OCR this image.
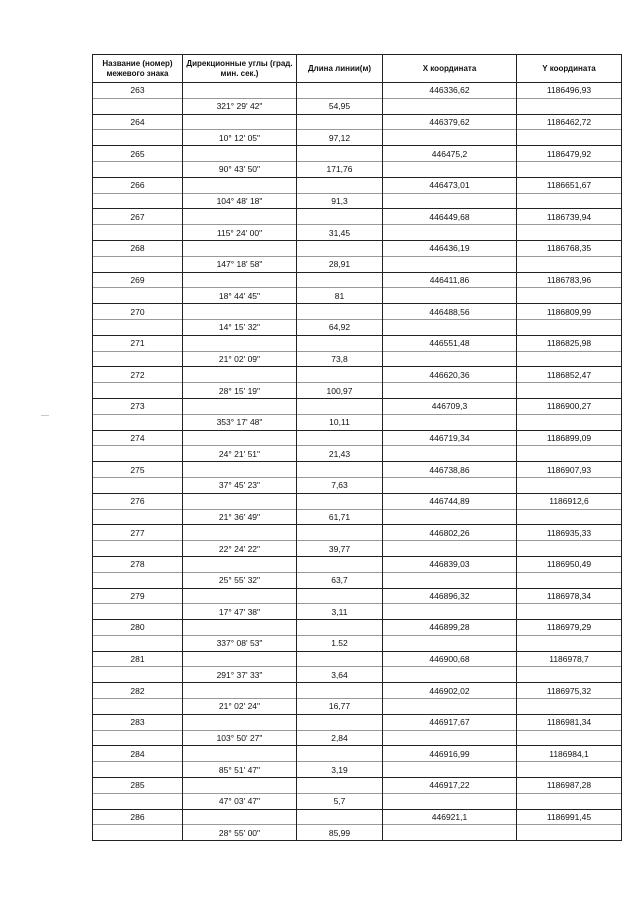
Название (номер) межевого знака	Дирекционные углы (град. мин. сек.)	Длина линии(м)	X координата	Y координата
263			446336,62	1186496,93
	321° 29' 42"	54,95		
264			446379,62	1186462,72
	10° 12' 05"	97,12		
265			446475,2	1186479,92
	90° 43' 50"	171,76		
266			446473,01	1186651,67
	104° 48' 18"	91,3		
267			446449,68	1186739,94
	115° 24' 00"	31,45		
268			446436,19	1186768,35
	147° 18' 58"	28,91		
269			446411,86	1186783,96
	18° 44' 45"	81		
270			446488,56	1186809,99
	14° 15' 32"	64,92		
271			446551,48	1186825,98
	21° 02' 09"	73,8		
272			446620,36	1186852,47
	28° 15' 19"	100,97		
273			446709,3	1186900,27
	353° 17' 48"	10,11		
274			446719,34	1186899,09
	24° 21' 51"	21,43		
275			446738,86	1186907,93
	37° 45' 23"	7,63		
276			446744,89	1186912,6
	21° 36' 49"	61,71		
277			446802,26	1186935,33
	22° 24' 22"	39,77		
278			446839,03	1186950,49
	25° 55' 32"	63,7		
279			446896,32	1186978,34
	17° 47' 38"	3,11		
280			446899,28	1186979,29
	337° 08' 53"	1.52		
281			446900,68	1186978,7
	291° 37' 33"	3,64		
282			446902,02	1186975,32
	21° 02' 24"	16,77		
283			446917,67	1186981,34
	103° 50' 27"	2,84		
284			446916,99	1186984,1
	85° 51' 47"	3,19		
285			446917,22	1186987,28
	47° 03' 47"	5,7		
286			446921,1	1186991,45
	28° 55' 00"	85,99		
